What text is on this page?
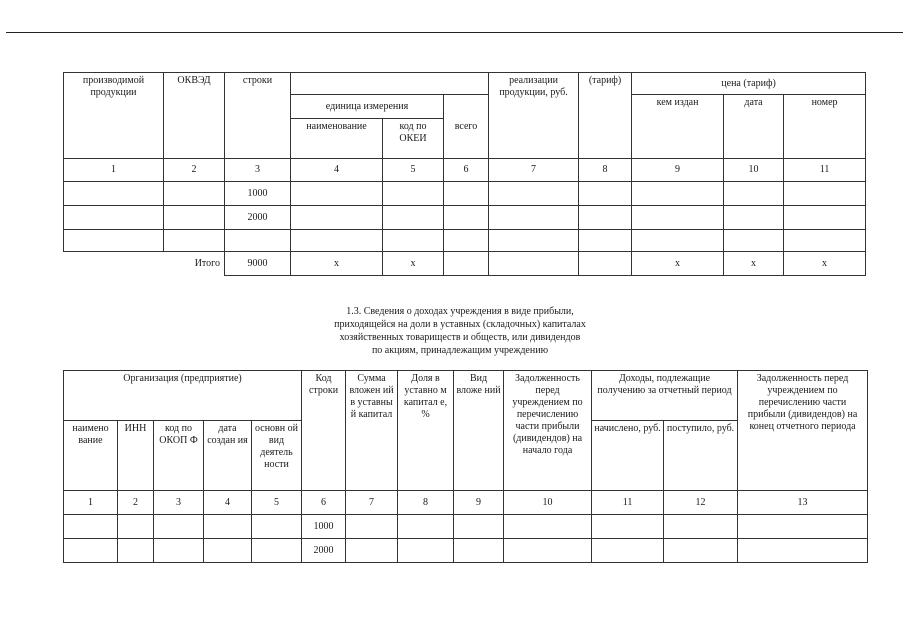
производимой продукции	ОКВЭД	строки				реализации продукции, руб.	(тариф)	цена (тариф)		
			единица измерения		всего			кем издан	дата	номер
			наименование	код по ОКЕИ						
1	2	3	4	5	6	7	8	9	10	11
		1000								
		2000								

Итого		9000	x	x				x	x	x
1.3. Сведения о доходах учреждения в виде прибыли,
приходящейся на доли в уставных (складочных) капиталах
хозяйственных товариществ и обществ, или дивидендов
по акциям, принадлежащим учреждению
Организация (предприятие)					Код строки	Сумма вложен ий в уставны й капитал	Доля в уставно м капитал е, %	Вид вложе ний	Задолженность перед учреждением по перечислению части прибыли (дивидендов) на начало года	Доходы, подлежащие получению за отчетный период		Задолженность перед учреждением по перечислению части прибыли (дивидендов) на конец отчетного периода
наимено вание	ИНН	код по ОКОП Ф	дата создан ия	основн ой вид деятель ности						начислено, руб.	поступило, руб.	
1	2	3	4	5	6	7	8	9	10	11	12	13
					1000							
					2000							
